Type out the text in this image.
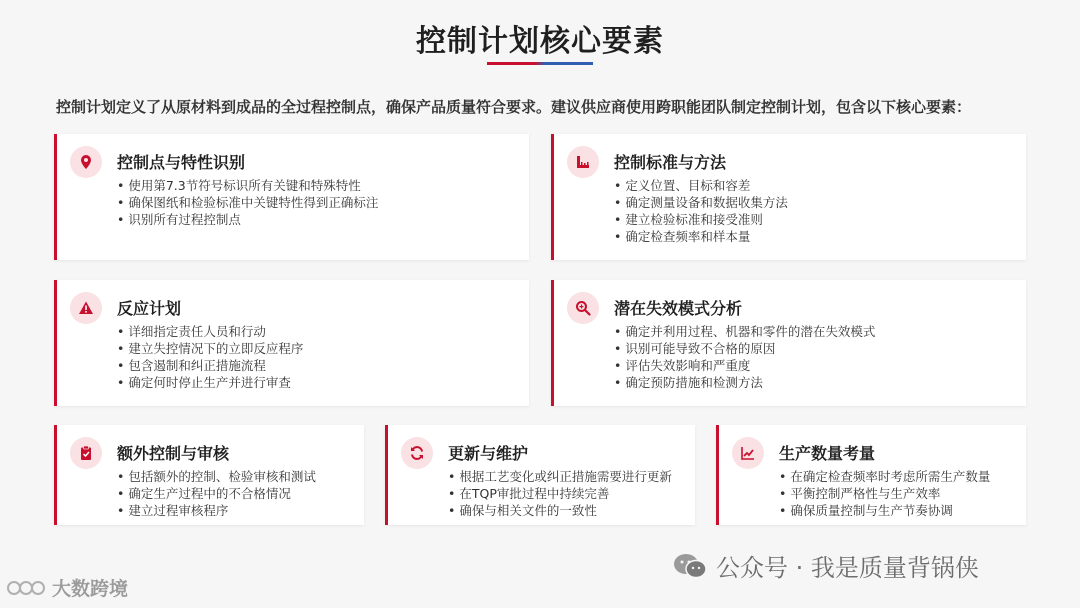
控制计划核心要素
控制计划定义了从原材料到成品的全过程控制点，确保产品质量符合要求。建议供应商使用跨职能团队制定控制计划，包含以下核心要素：
控制点与特性识别
• 使用第7.3节符号标识所有关键和特殊特性
• 确保图纸和检验标准中关键特性得到正确标注
• 识别所有过程控制点
控制标准与方法
• 定义位置、目标和容差
• 确定测量设备和数据收集方法
• 建立检验标准和接受准则
• 确定检查频率和样本量
反应计划
• 详细指定责任人员和行动
• 建立失控情况下的立即反应程序
• 包含遏制和纠正措施流程
• 确定何时停止生产并进行审查
潜在失效模式分析
• 确定并利用过程、机器和零件的潜在失效模式
• 识别可能导致不合格的原因
• 评估失效影响和严重度
• 确定预防措施和检测方法
额外控制与审核
• 包括额外的控制、检验审核和测试
• 确定生产过程中的不合格情况
• 建立过程审核程序
更新与维护
• 根据工艺变化或纠正措施需要进行更新
• 在TQP审批过程中持续完善
• 确保与相关文件的一致性
生产数量考量
• 在确定检查频率时考虑所需生产数量
• 平衡控制严格性与生产效率
• 确保质量控制与生产节奏协调
公众号 · 我是质量背锅侠
大数跨境
